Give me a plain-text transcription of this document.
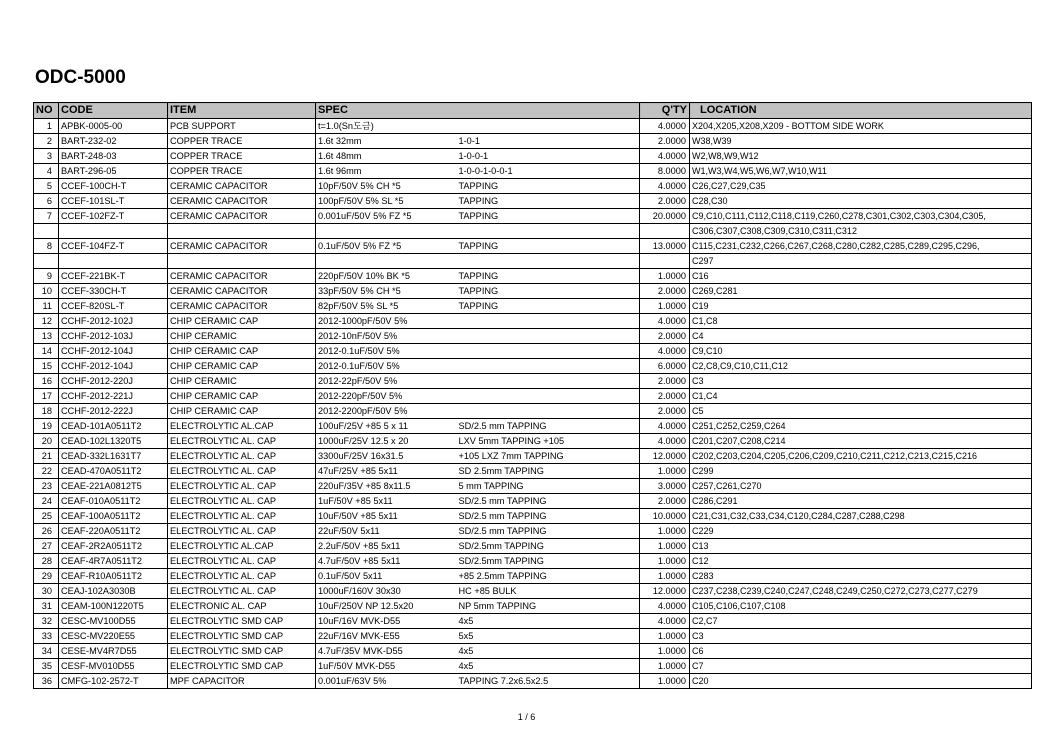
ODC-5000
NO	CODE	ITEM	SPEC		Q'TY	LOCATION
1	APBK-0005-00	PCB SUPPORT	t=1.0(Sn도금)		4.0000	X204,X205,X208,X209 - BOTTOM SIDE WORK
2	BART-232-02	COPPER TRACE	1.6t 32mm	1-0-1	2.0000	W38,W39
3	BART-248-03	COPPER TRACE	1.6t 48mm	1-0-0-1	4.0000	W2,W8,W9,W12
4	BART-296-05	COPPER TRACE	1.6t 96mm	1-0-0-1-0-0-1	8.0000	W1,W3,W4,W5,W6,W7,W10,W11
5	CCEF-100CH-T	CERAMIC CAPACITOR	10pF/50V 5% CH *5	TAPPING	4.0000	C26,C27,C29,C35
6	CCEF-101SL-T	CERAMIC CAPACITOR	100pF/50V 5% SL *5	TAPPING	2.0000	C28,C30
7	CCEF-102FZ-T	CERAMIC CAPACITOR	0.001uF/50V 5% FZ *5	TAPPING	20.0000	C9,C10,C111,C112,C118,C119,C260,C278,C301,C302,C303,C304,C305,
						C306,C307,C308,C309,C310,C311,C312
8	CCEF-104FZ-T	CERAMIC CAPACITOR	0.1uF/50V 5% FZ *5	TAPPING	13.0000	C115,C231,C232,C266,C267,C268,C280,C282,C285,C289,C295,C296,
						C297
9	CCEF-221BK-T	CERAMIC CAPACITOR	220pF/50V 10% BK *5	TAPPING	1.0000	C16
10	CCEF-330CH-T	CERAMIC CAPACITOR	33pF/50V 5% CH *5	TAPPING	2.0000	C269,C281
11	CCEF-820SL-T	CERAMIC CAPACITOR	82pF/50V 5% SL *5	TAPPING	1.0000	C19
12	CCHF-2012-102J	CHIP CERAMIC CAP	2012-1000pF/50V 5%		4.0000	C1,C8
13	CCHF-2012-103J	CHIP CERAMIC	2012-10nF/50V 5%		2.0000	C4
14	CCHF-2012-104J	CHIP CERAMIC CAP	2012-0.1uF/50V 5%		4.0000	C9,C10
15	CCHF-2012-104J	CHIP CERAMIC CAP	2012-0.1uF/50V 5%		6.0000	C2,C8,C9,C10,C11,C12
16	CCHF-2012-220J	CHIP CERAMIC	2012-22pF/50V 5%		2.0000	C3
17	CCHF-2012-221J	CHIP CERAMIC CAP	2012-220pF/50V 5%		2.0000	C1,C4
18	CCHF-2012-222J	CHIP CERAMIC CAP	2012-2200pF/50V 5%		2.0000	C5
19	CEAD-101A0511T2	ELECTROLYTIC AL.CAP	100uF/25V +85 5 x 11	SD/2.5 mm TAPPING	4.0000	C251,C252,C259,C264
20	CEAD-102L1320T5	ELECTROLYTIC AL. CAP	1000uF/25V 12.5 x 20	LXV 5mm TAPPING +105	4.0000	C201,C207,C208,C214
21	CEAD-332L1631T7	ELECTROLYTIC AL. CAP	3300uF/25V 16x31.5	+105 LXZ 7mm TAPPING	12.0000	C202,C203,C204,C205,C206,C209,C210,C211,C212,C213,C215,C216
22	CEAD-470A0511T2	ELECTROLYTIC AL. CAP	47uF/25V +85 5x11	SD 2.5mm TAPPING	1.0000	C299
23	CEAE-221A0812T5	ELECTROLYTIC AL. CAP	220uF/35V +85 8x11.5	5 mm TAPPING	3.0000	C257,C261,C270
24	CEAF-010A0511T2	ELECTROLYTIC AL. CAP	1uF/50V +85 5x11	SD/2.5 mm TAPPING	2.0000	C286,C291
25	CEAF-100A0511T2	ELECTROLYTIC AL. CAP	10uF/50V +85 5x11	SD/2.5 mm TAPPING	10.0000	C21,C31,C32,C33,C34,C120,C284,C287,C288,C298
26	CEAF-220A0511T2	ELECTROLYTIC AL. CAP	22uF/50V 5x11	SD/2.5 mm TAPPING	1.0000	C229
27	CEAF-2R2A0511T2	ELECTROLYTIC AL.CAP	2.2uF/50V +85 5x11	SD/2.5mm TAPPING	1.0000	C13
28	CEAF-4R7A0511T2	ELECTROLYTIC AL. CAP	4.7uF/50V +85 5x11	SD/2.5mm TAPPING	1.0000	C12
29	CEAF-R10A0511T2	ELECTROLYTIC AL. CAP	0.1uF/50V 5x11	+85 2.5mm TAPPING	1.0000	C283
30	CEAJ-102A3030B	ELECTROLYTIC AL. CAP	1000uF/160V 30x30	HC +85 BULK	12.0000	C237,C238,C239,C240,C247,C248,C249,C250,C272,C273,C277,C279
31	CEAM-100N1220T5	ELECTRONIC AL. CAP	10uF/250V NP 12.5x20	NP 5mm TAPPING	4.0000	C105,C106,C107,C108
32	CESC-MV100D55	ELECTROLYTIC SMD CAP	10uF/16V MVK-D55	4x5	4.0000	C2,C7
33	CESC-MV220E55	ELECTROLYTIC SMD CAP	22uF/16V MVK-E55	5x5	1.0000	C3
34	CESE-MV4R7D55	ELECTROLYTIC SMD CAP	4.7uF/35V MVK-D55	4x5	1.0000	C6
35	CESF-MV010D55	ELECTROLYTIC SMD CAP	1uF/50V MVK-D55	4x5	1.0000	C7
36	CMFG-102-2572-T	MPF CAPACITOR	0.001uF/63V 5%	TAPPING 7.2x6.5x2.5	1.0000	C20
1 / 6
